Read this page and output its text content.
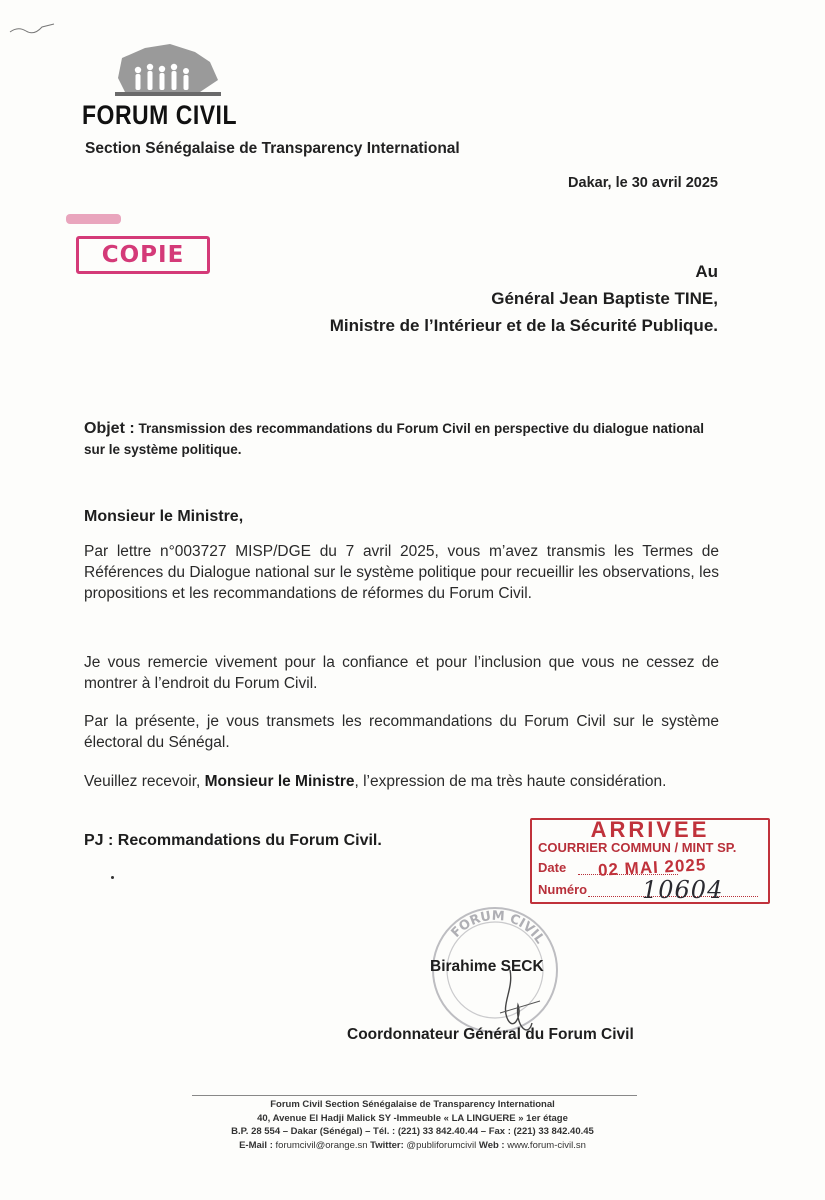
FORUM CIVIL
Section Sénégalaise de Transparency International
Dakar, le 30 avril 2025
COPIE
Au
Général Jean Baptiste TINE,
Ministre de l’Intérieur et de la Sécurité Publique.
Objet : Transmission des recommandations du Forum Civil en perspective du dialogue national sur le système politique.
Monsieur le Ministre,
Par lettre n°003727 MISP/DGE du 7 avril 2025, vous m’avez transmis les Termes de Références du Dialogue national sur le système politique pour recueillir les observations, les propositions et les recommandations de réformes du Forum Civil.
Je vous remercie vivement pour la confiance et pour l’inclusion que vous ne cessez de montrer à l’endroit du Forum Civil.
Par la présente, je vous transmets les recommandations du Forum Civil sur le système électoral du Sénégal.
Veuillez recevoir, Monsieur le Ministre, l’expression de ma très haute considération.
PJ : Recommandations du Forum Civil.	ARRIVEE
COURRIER COMMUN / MINT SP.
Date 02 MAI 2025
Numéro 10604
FORUM CIVIL
Birahime SECK
Coordonnateur Général du Forum Civil
Forum Civil Section Sénégalaise de Transparency International
40, Avenue El Hadji Malick SY -Immeuble « LA LINGUERE » 1er étage
B.P. 28 554 – Dakar (Sénégal) – Tél. : (221) 33 842.40.44 – Fax : (221) 33 842.40.45
E-Mail : forumcivil@orange.sn Twitter: @publiforumcivil Web : www.forum-civil.sn
